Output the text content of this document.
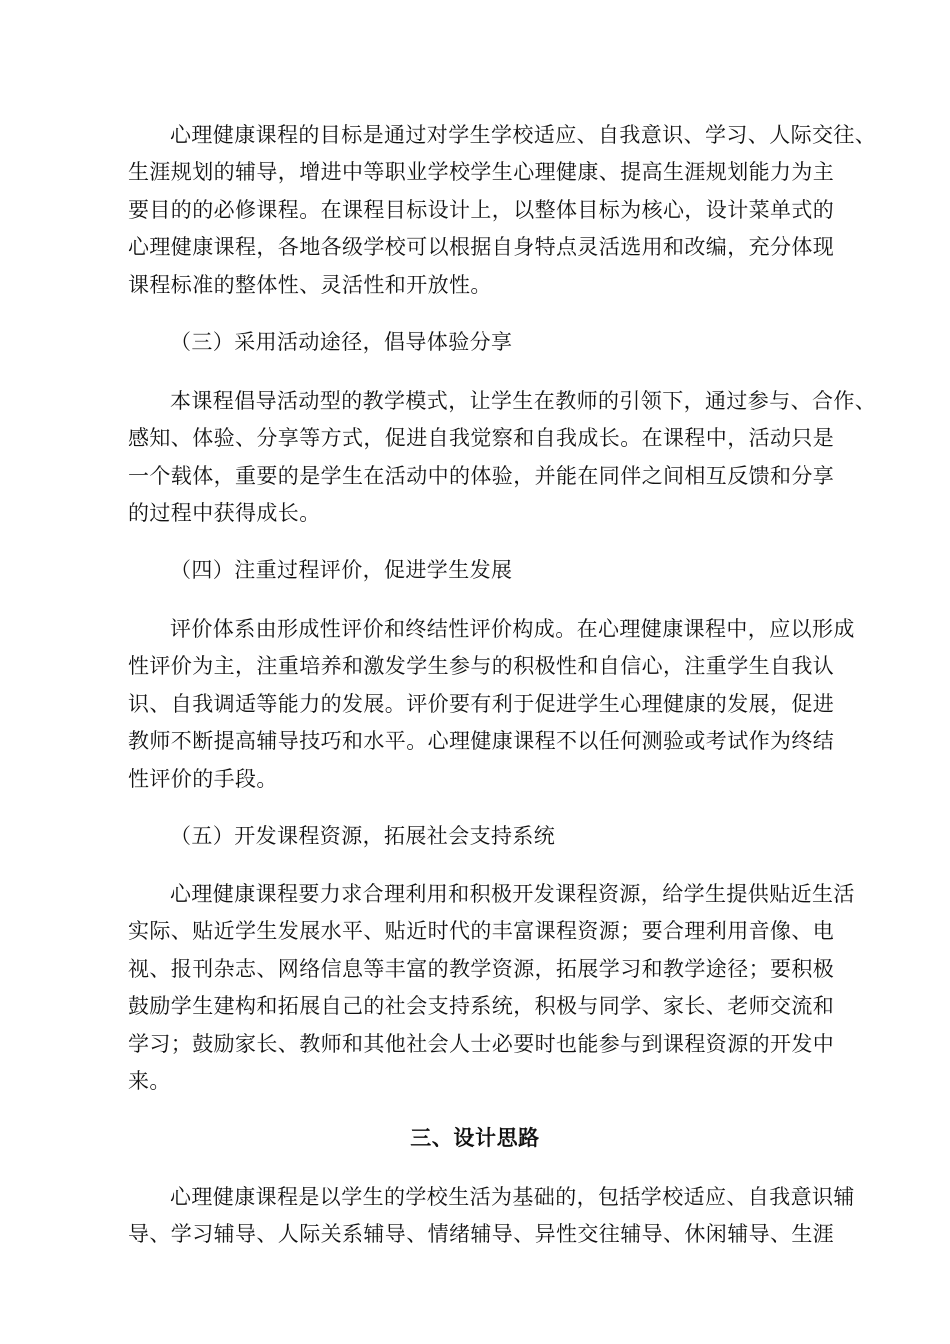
心理健康课程的目标是通过对学生学校适应、自我意识、学习、人际交往、
生涯规划的辅导，增进中等职业学校学生心理健康、提高生涯规划能力为主
要目的的必修课程。在课程目标设计上，以整体目标为核心，设计菜单式的
心理健康课程，各地各级学校可以根据自身特点灵活选用和改编，充分体现
课程标准的整体性、灵活性和开放性。
（三）采用活动途径，倡导体验分享
本课程倡导活动型的教学模式，让学生在教师的引领下，通过参与、合作、
感知、体验、分享等方式，促进自我觉察和自我成长。在课程中，活动只是
一个载体，重要的是学生在活动中的体验，并能在同伴之间相互反馈和分享
的过程中获得成长。
（四）注重过程评价，促进学生发展
评价体系由形成性评价和终结性评价构成。在心理健康课程中，应以形成
性评价为主，注重培养和激发学生参与的积极性和自信心，注重学生自我认
识、自我调适等能力的发展。评价要有利于促进学生心理健康的发展，促进
教师不断提高辅导技巧和水平。心理健康课程不以任何测验或考试作为终结
性评价的手段。
（五）开发课程资源，拓展社会支持系统
心理健康课程要力求合理利用和积极开发课程资源，给学生提供贴近生活
实际、贴近学生发展水平、贴近时代的丰富课程资源；要合理利用音像、电
视、报刊杂志、网络信息等丰富的教学资源，拓展学习和教学途径；要积极
鼓励学生建构和拓展自己的社会支持系统，积极与同学、家长、老师交流和
学习；鼓励家长、教师和其他社会人士必要时也能参与到课程资源的开发中
来。
三、设计思路
心理健康课程是以学生的学校生活为基础的，包括学校适应、自我意识辅
导、学习辅导、人际关系辅导、情绪辅导、异性交往辅导、休闲辅导、生涯
